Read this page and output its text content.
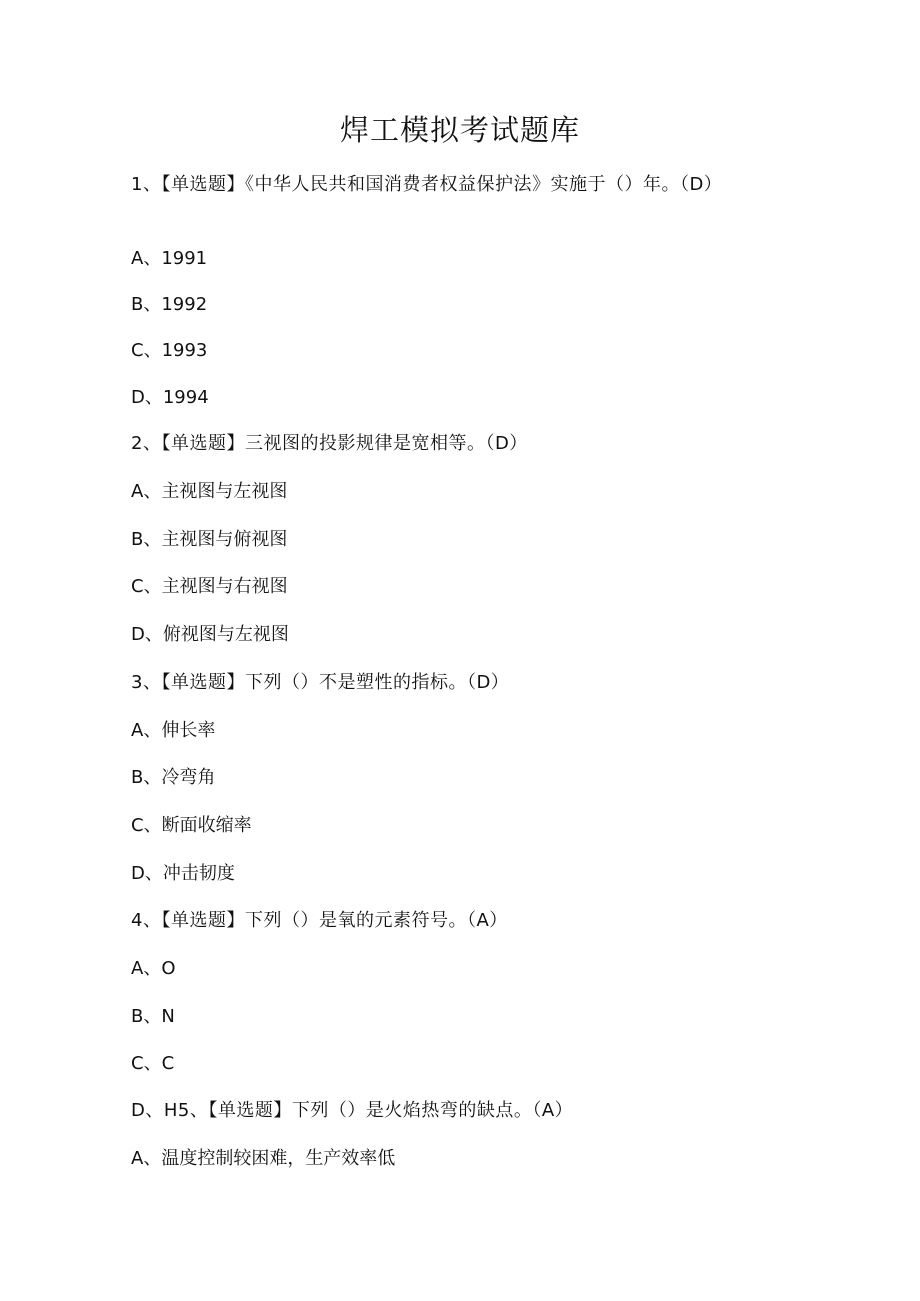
焊工模拟考试题库

1、【单选题】《中华人民共和国消费者权益保护法》实施于（）年。（D）

A、1991

B、1992

C、1993

D、1994

2、【单选题】三视图的投影规律是宽相等。（D）

A、主视图与左视图

B、主视图与俯视图

C、主视图与右视图

D、俯视图与左视图

3、【单选题】下列（）不是塑性的指标。（D）

A、伸长率

B、冷弯角

C、断面收缩率

D、冲击韧度

4、【单选题】下列（）是氧的元素符号。（A）

A、O

B、N

C、C

D、H5、【单选题】下列（）是火焰热弯的缺点。（A）

A、温度控制较困难，生产效率低
